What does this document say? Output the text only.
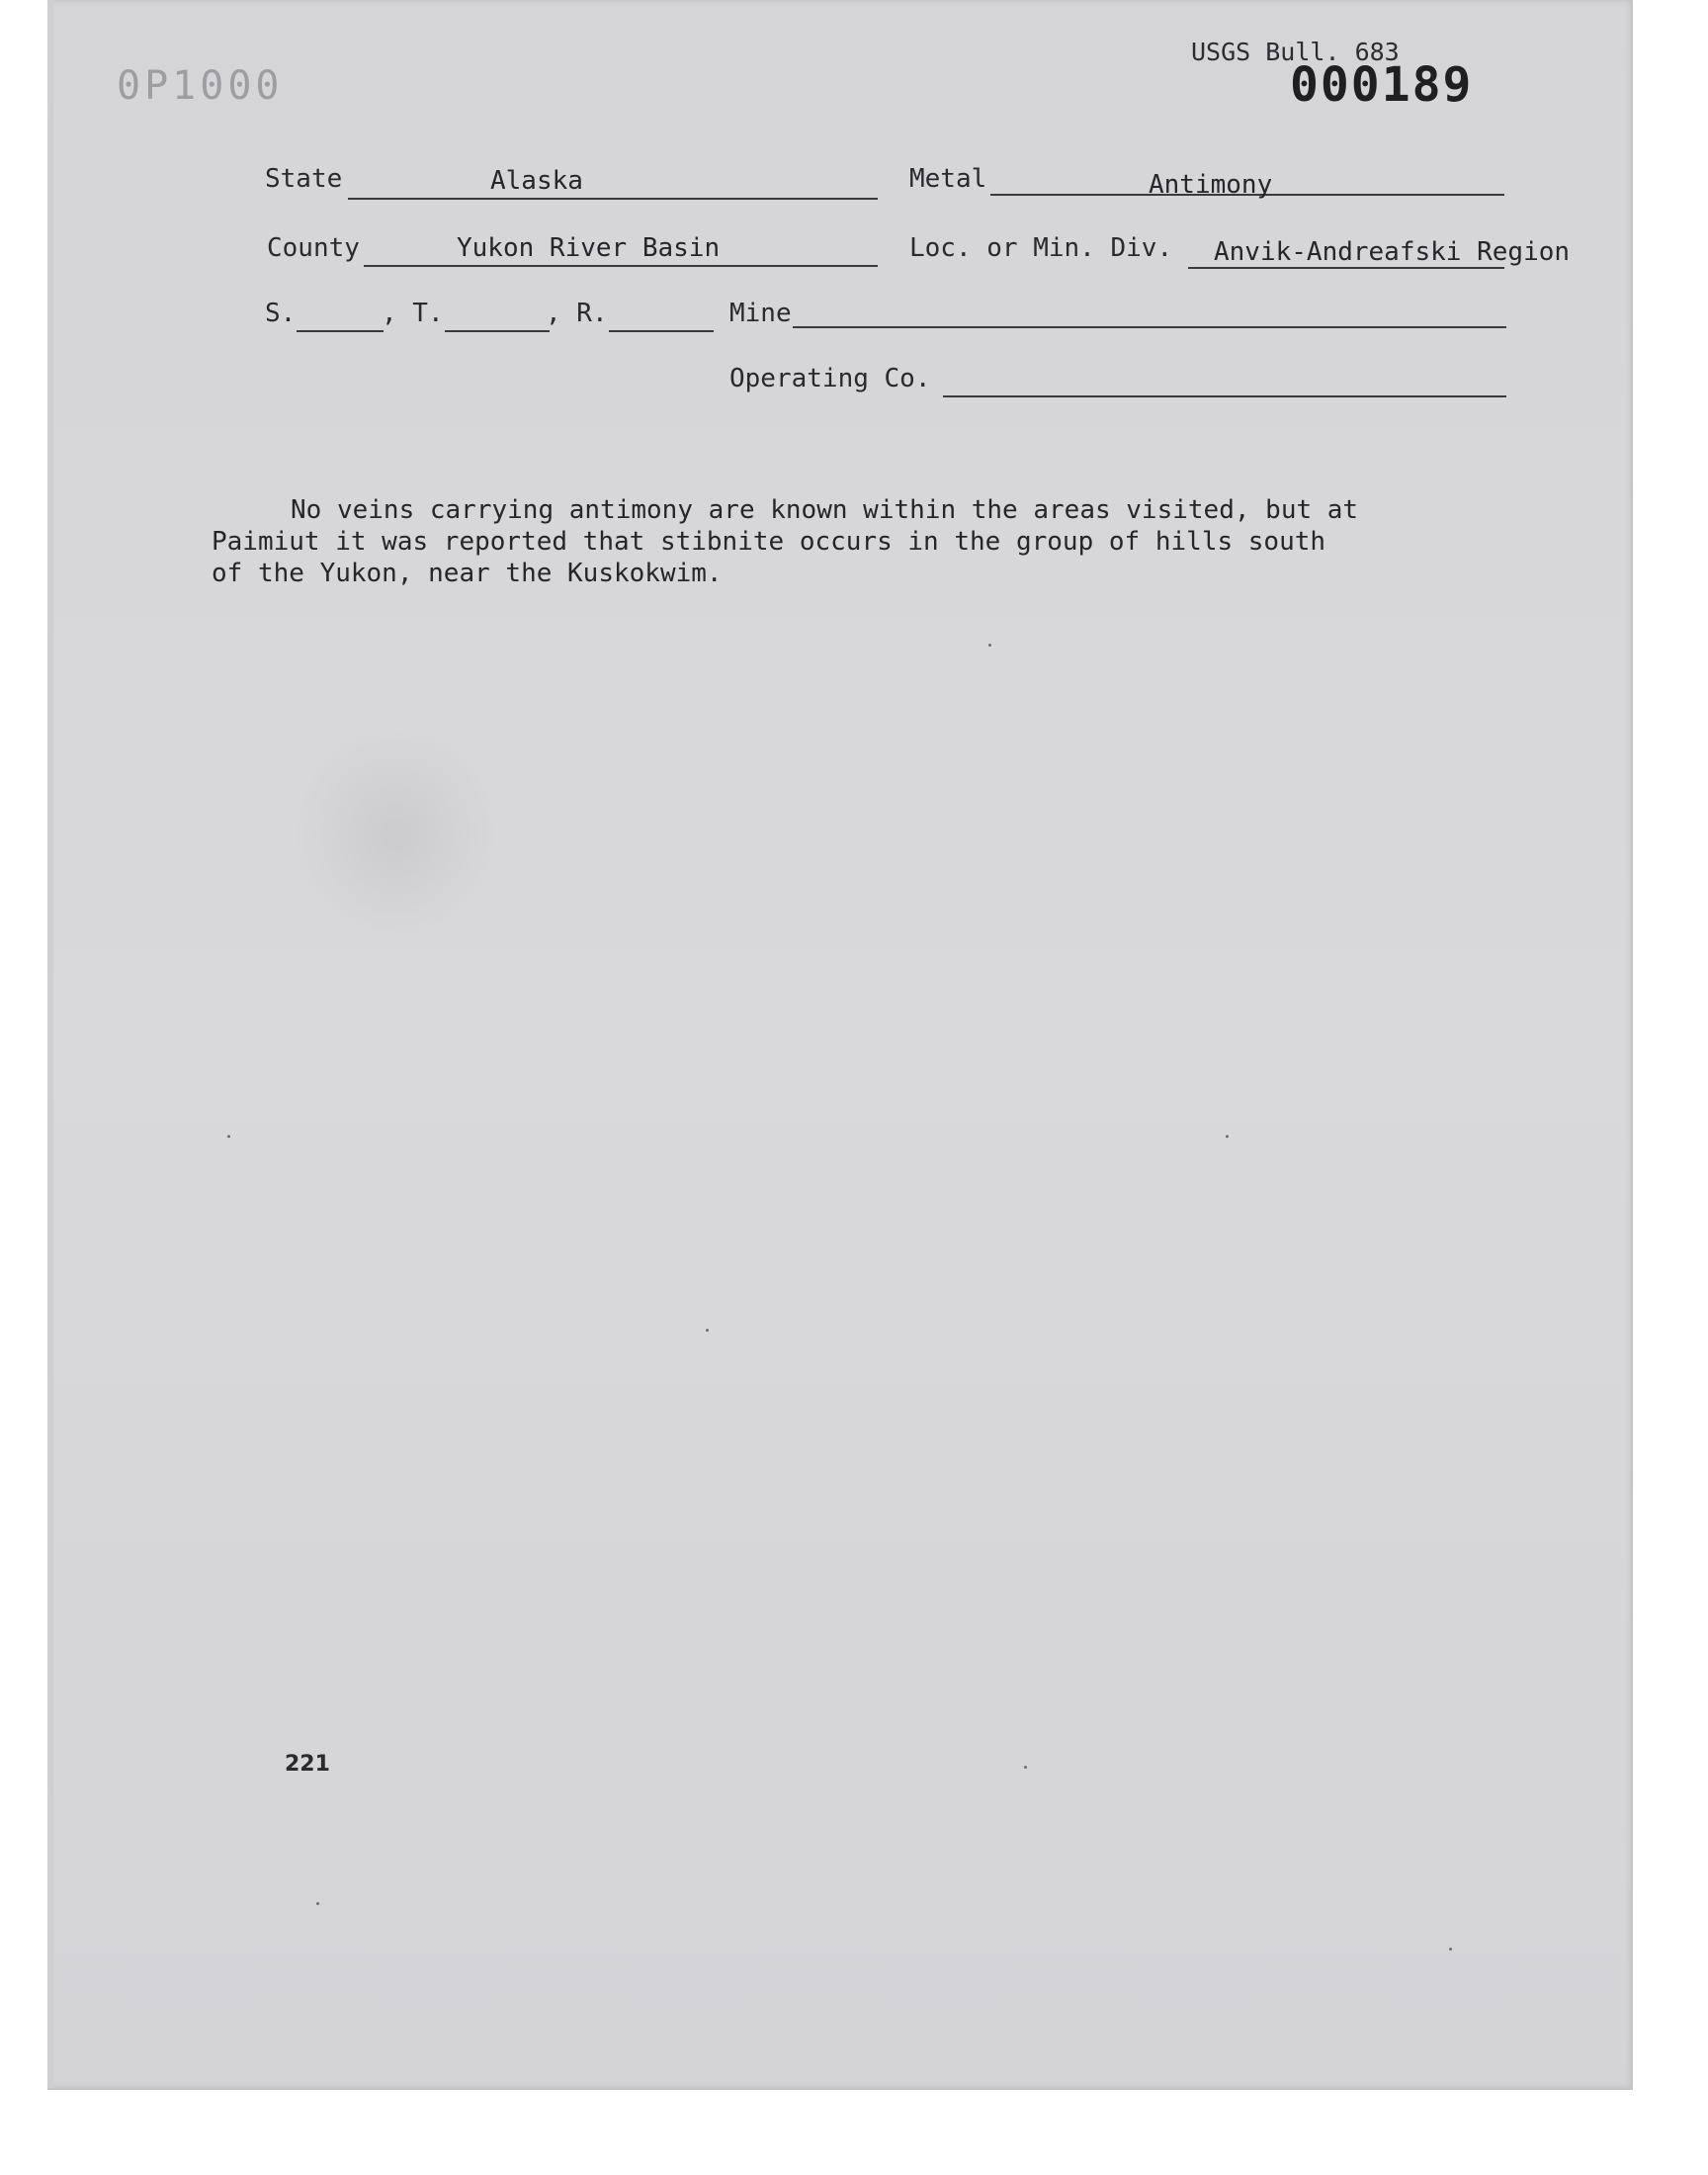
0P1000
USGS Bull. 683
000189
State	Alaska	Metal	Antimony
County	Yukon River Basin	Loc. or Min. Div. Anvik-Andreafski Region
S.	, T.	, R.	Mine
Operating Co.
No veins carrying antimony are known within the areas visited, but at
Paimiut it was reported that stibnite occurs in the group of hills south
of the Yukon, near the Kuskokwim.
221
